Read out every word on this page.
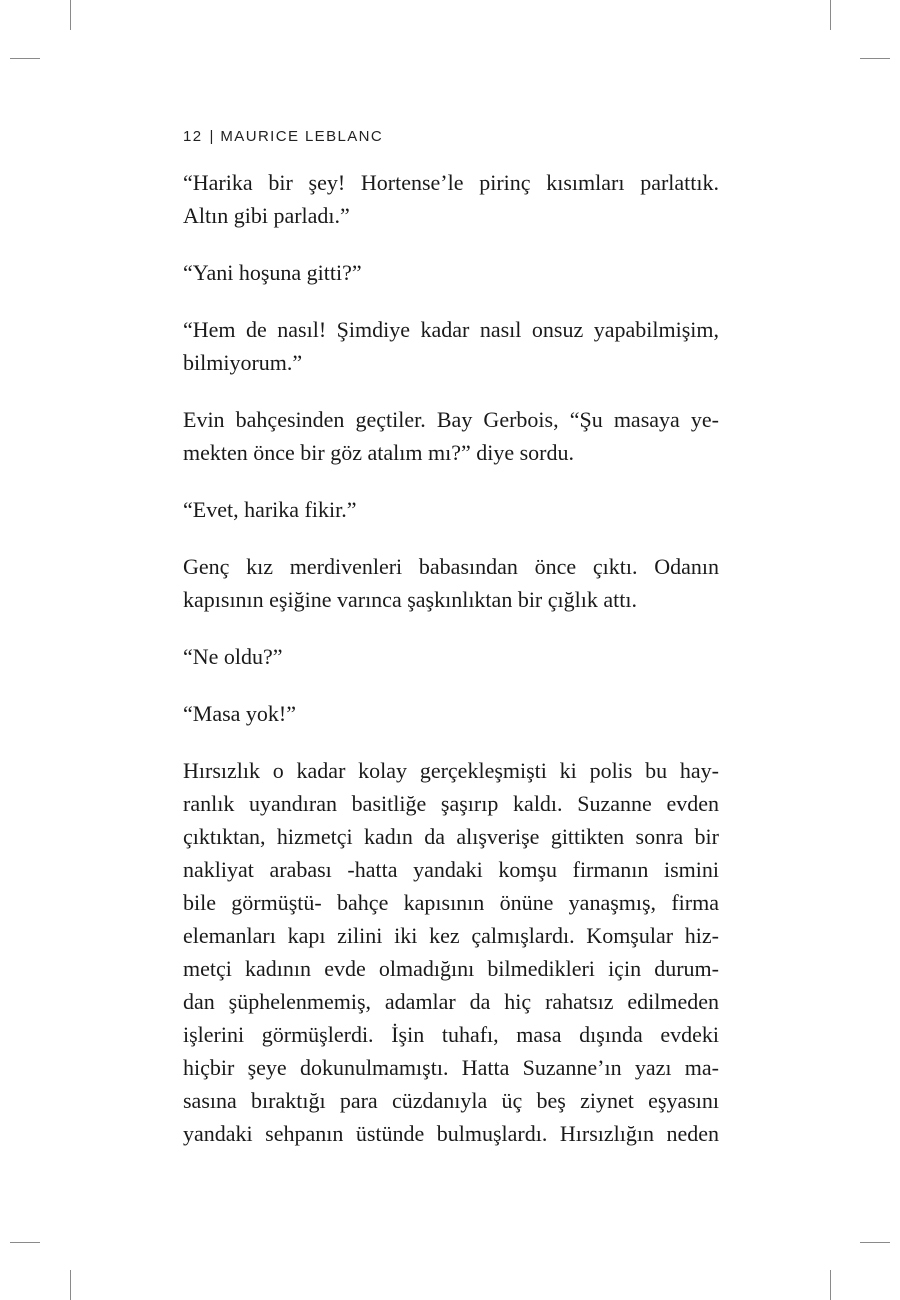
12 | MAURICE LEBLANC

“Harika bir şey! Hortense’le pirinç kısımları parlattık.
Altın gibi parladı.”

“Yani hoşuna gitti?”

“Hem de nasıl! Şimdiye kadar nasıl onsuz yapabilmişim,
bilmiyorum.”

Evin bahçesinden geçtiler. Bay Gerbois, “Şu masaya ye-
mekten önce bir göz atalım mı?” diye sordu.

“Evet, harika fikir.”

Genç kız merdivenleri babasından önce çıktı. Odanın
kapısının eşiğine varınca şaşkınlıktan bir çığlık attı.

“Ne oldu?”

“Masa yok!”

Hırsızlık o kadar kolay gerçekleşmişti ki polis bu hay-
ranlık uyandıran basitliğe şaşırıp kaldı. Suzanne evden
çıktıktan, hizmetçi kadın da alışverişe gittikten sonra bir
nakliyat arabası -hatta yandaki komşu firmanın ismini
bile görmüştü- bahçe kapısının önüne yanaşmış, firma
elemanları kapı zilini iki kez çalmışlardı. Komşular hiz-
metçi kadının evde olmadığını bilmedikleri için durum-
dan şüphelenmemiş, adamlar da hiç rahatsız edilmeden
işlerini görmüşlerdi. İşin tuhafı, masa dışında evdeki
hiçbir şeye dokunulmamıştı. Hatta Suzanne’ın yazı ma-
sasına bıraktığı para cüzdanıyla üç beş ziynet eşyasını
yandaki sehpanın üstünde bulmuşlardı. Hırsızlığın neden
